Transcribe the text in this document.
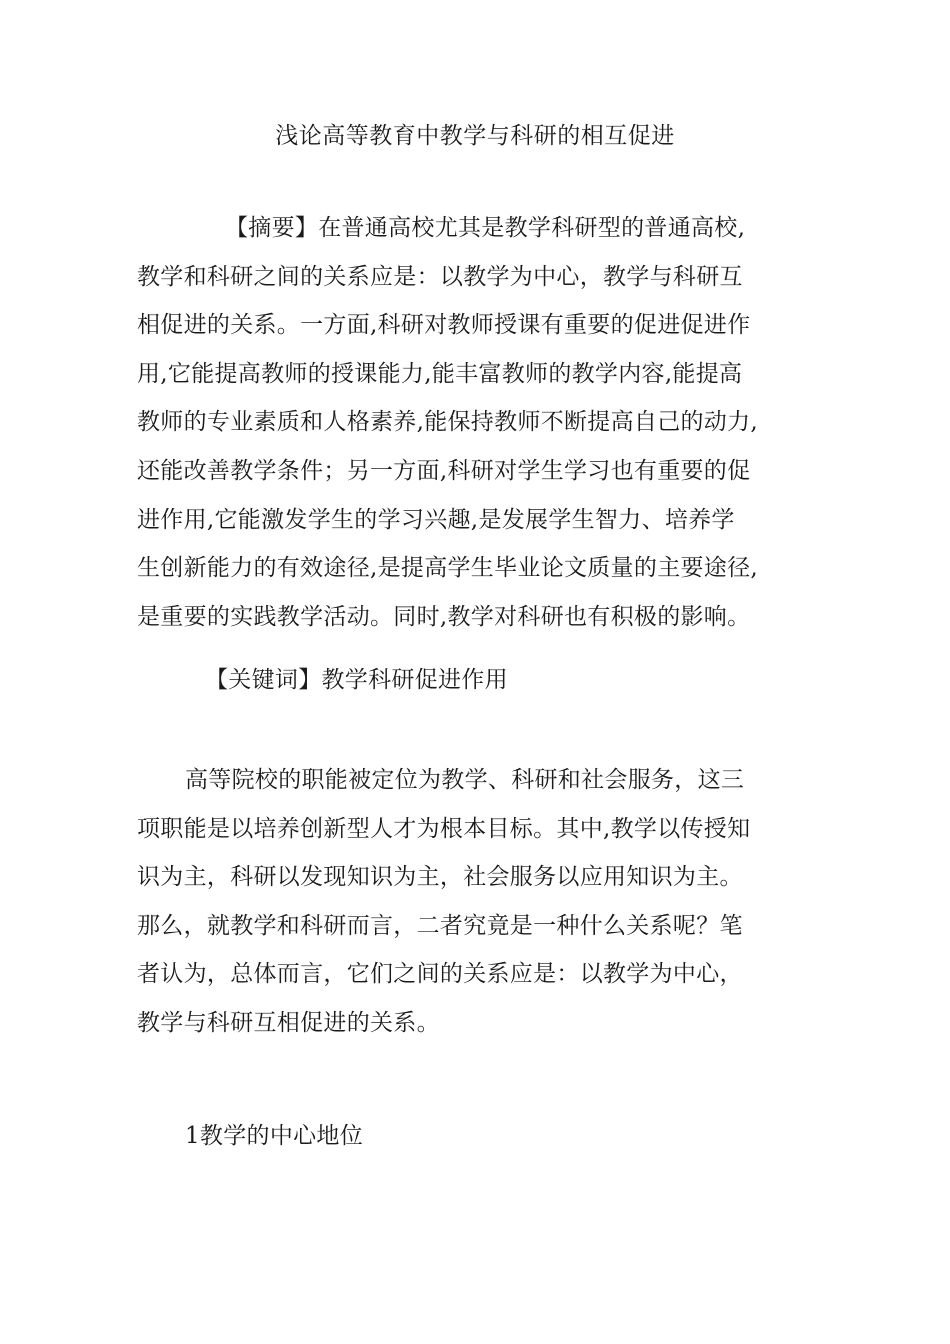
浅论高等教育中教学与科研的相互促进
【摘要】在普通高校尤其是教学科研型的普通高校,
教学和科研之间的关系应是：以教学为中心，教学与科研互
相促进的关系。一方面,科研对教师授课有重要的促进促进作
用,它能提高教师的授课能力,能丰富教师的教学内容,能提高
教师的专业素质和人格素养,能保持教师不断提高自己的动力,
还能改善教学条件；另一方面,科研对学生学习也有重要的促
进作用,它能激发学生的学习兴趣,是发展学生智力、培养学
生创新能力的有效途径,是提高学生毕业论文质量的主要途径,
是重要的实践教学活动。同时,教学对科研也有积极的影响。
【关键词】教学科研促进作用
高等院校的职能被定位为教学、科研和社会服务，这三
项职能是以培养创新型人才为根本目标。其中,教学以传授知
识为主，科研以发现知识为主，社会服务以应用知识为主。
那么，就教学和科研而言，二者究竟是一种什么关系呢？笔
者认为，总体而言，它们之间的关系应是：以教学为中心，
教学与科研互相促进的关系。
1教学的中心地位
